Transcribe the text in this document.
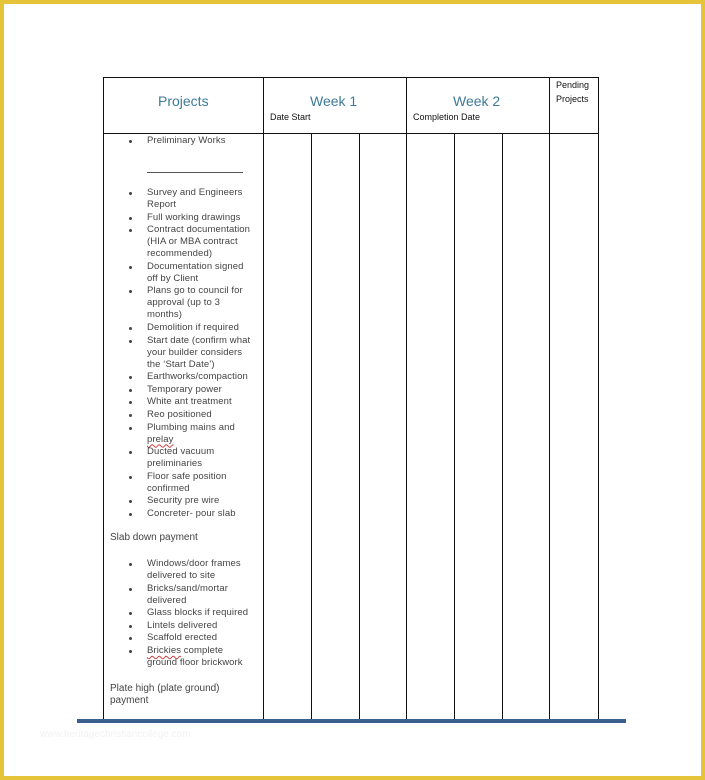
Projects	Week 1
Date Start
Week 2
Completion Date
Pending
Projects
Preliminary Works
Survey and Engineers
Report
Full working drawings
Contract documentation
(HIA or MBA contract
recommended)
Documentation signed
off by Client
Plans go to council for
approval (up to 3
months)
Demolition if required
Start date (confirm what
your builder considers
the ‘Start Date’)
Earthworks/compaction
Temporary power
White ant treatment
Reo positioned
Plumbing mains and
prelay
Ducted vacuum
preliminaries
Floor safe position
confirmed
Security pre wire
Concreter- pour slab
Slab down payment
Windows/door frames
delivered to site
Bricks/sand/mortar
delivered
Glass blocks if required
Lintels delivered
Scaffold erected
Brickies complete
ground floor brickwork
Plate high (plate ground)
payment
www.heritagechristiancollege.com
